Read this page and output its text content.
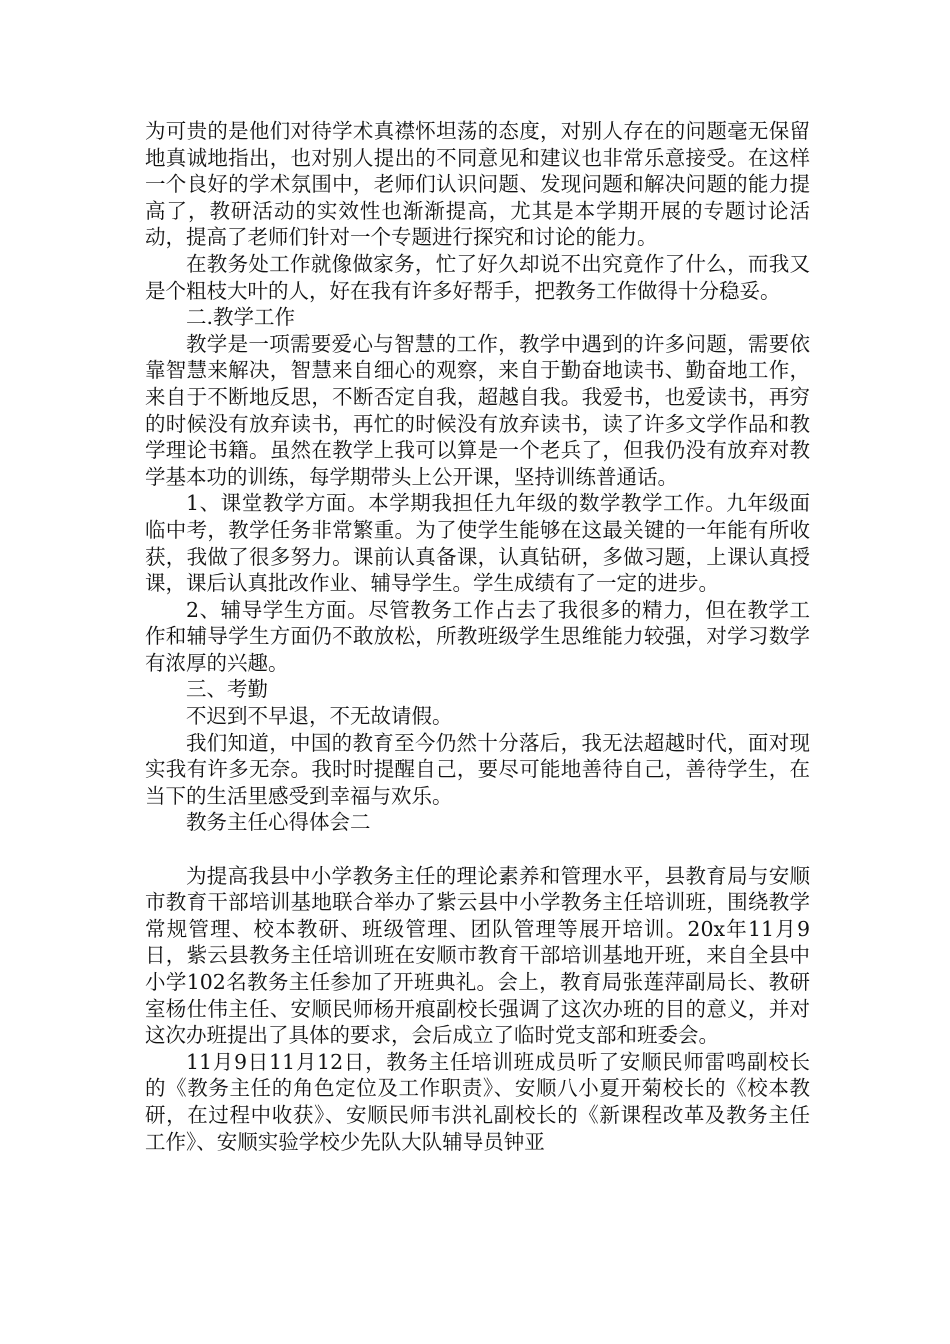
为可贵的是他们对待学术真襟怀坦荡的态度，对别人存在的问题毫无保留地真诚地指出，也对别人提出的不同意见和建议也非常乐意接受。在这样一个良好的学术氛围中，老师们认识问题、发现问题和解决问题的能力提高了，教研活动的实效性也渐渐提高，尤其是本学期开展的专题讨论活动，提高了老师们针对一个专题进行探究和讨论的能力。

在教务处工作就像做家务，忙了好久却说不出究竟作了什么，而我又是个粗枝大叶的人，好在我有许多好帮手，把教务工作做得十分稳妥。

二.教学工作

教学是一项需要爱心与智慧的工作，教学中遇到的许多问题，需要依靠智慧来解决，智慧来自细心的观察，来自于勤奋地读书、勤奋地工作，来自于不断地反思，不断否定自我，超越自我。我爱书，也爱读书，再穷的时候没有放弃读书，再忙的时候没有放弃读书，读了许多文学作品和教学理论书籍。虽然在教学上我可以算是一个老兵了，但我仍没有放弃对教学基本功的训练，每学期带头上公开课，坚持训练普通话。

1、课堂教学方面。本学期我担任九年级的数学教学工作。九年级面临中考，教学任务非常繁重。为了使学生能够在这最关键的一年能有所收获，我做了很多努力。课前认真备课，认真钻研，多做习题，上课认真授课，课后认真批改作业、辅导学生。学生成绩有了一定的进步。

2、辅导学生方面。尽管教务工作占去了我很多的精力，但在教学工作和辅导学生方面仍不敢放松，所教班级学生思维能力较强，对学习数学有浓厚的兴趣。

三、考勤

不迟到不早退，不无故请假。

我们知道，中国的教育至今仍然十分落后，我无法超越时代，面对现实我有许多无奈。我时时提醒自己，要尽可能地善待自己，善待学生，在当下的生活里感受到幸福与欢乐。

教务主任心得体会二

为提高我县中小学教务主任的理论素养和管理水平，县教育局与安顺市教育干部培训基地联合举办了紫云县中小学教务主任培训班，围绕教学常规管理、校本教研、班级管理、团队管理等展开培训。20x年11月9日，紫云县教务主任培训班在安顺市教育干部培训基地开班，来自全县中小学102名教务主任参加了开班典礼。会上，教育局张莲萍副局长、教研室杨仕伟主任、安顺民师杨开痕副校长强调了这次办班的目的意义，并对这次办班提出了具体的要求，会后成立了临时党支部和班委会。

11月9日11月12日，教务主任培训班成员听了安顺民师雷鸣副校长的《教务主任的角色定位及工作职责》、安顺八小夏开菊校长的《校本教研，在过程中收获》、安顺民师韦洪礼副校长的《新课程改革及教务主任工作》、安顺实验学校少先队大队辅导员钟亚
